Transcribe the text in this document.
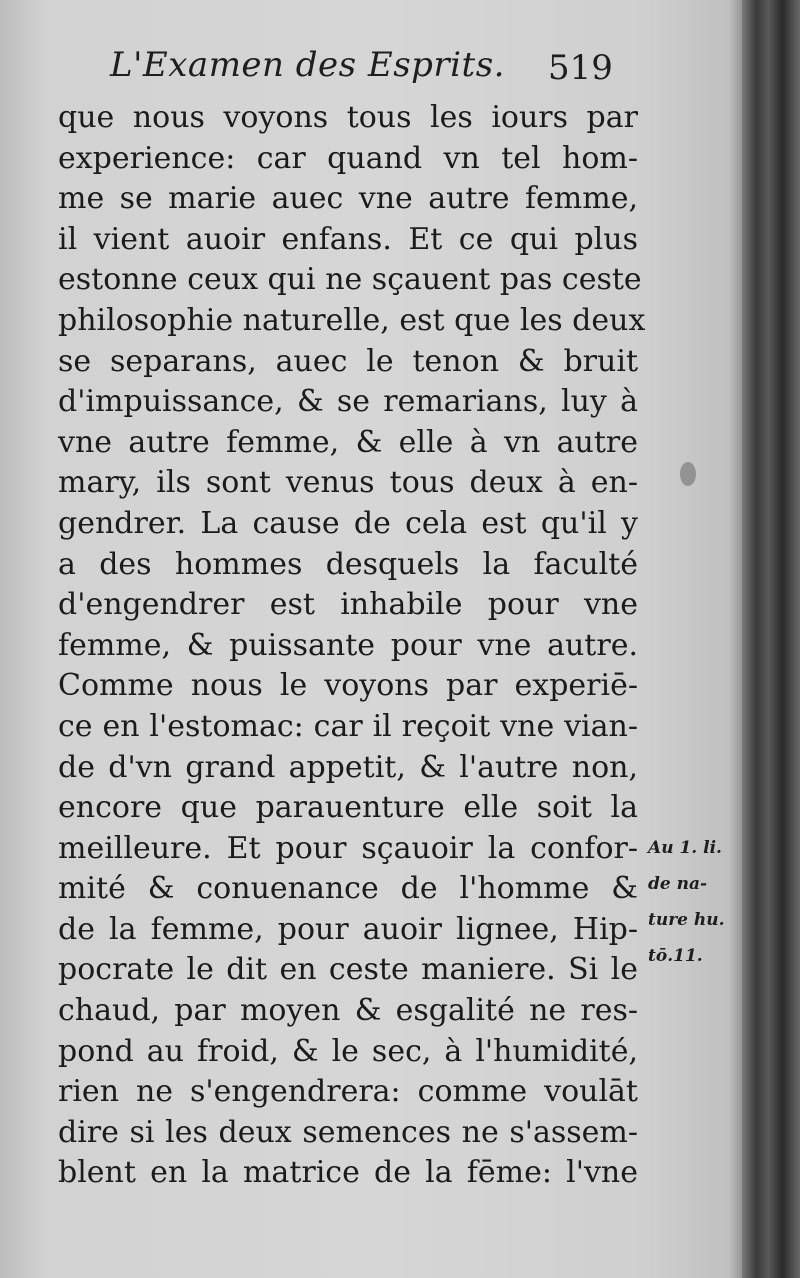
L'Examen des Esprits. 519
que nous voyons tous les iours par
experience: car quand vn tel hom-
me se marie auec vne autre femme,
il vient auoir enfans. Et ce qui plus
estonne ceux qui ne sçauent pas ceste
philosophie naturelle, est que les deux
se separans, auec le tenon & bruit
d'impuissance, & se remarians, luy à
vne autre femme, & elle à vn autre
mary, ils sont venus tous deux à en-
gendrer. La cause de cela est qu'il y
a des hommes desquels la faculté
d'engendrer est inhabile pour vne
femme, & puissante pour vne autre.
Comme nous le voyons par experiē-
ce en l'estomac: car il reçoit vne vian-
de d'vn grand appetit, & l'autre non,
encore que parauenture elle soit la
meilleure. Et pour sçauoir la confor-
mité & conuenance de l'homme &
de la femme, pour auoir lignee, Hip-
pocrate le dit en ceste maniere. Si le
chaud, par moyen & esgalité ne res-
pond au froid, & le sec, à l'humidité,
rien ne s'engendrera: comme voulāt
dire si les deux semences ne s'assem-
blent en la matrice de la fēme: l'vne
Au 1. li.
de na-
ture hu.
tō.11.
